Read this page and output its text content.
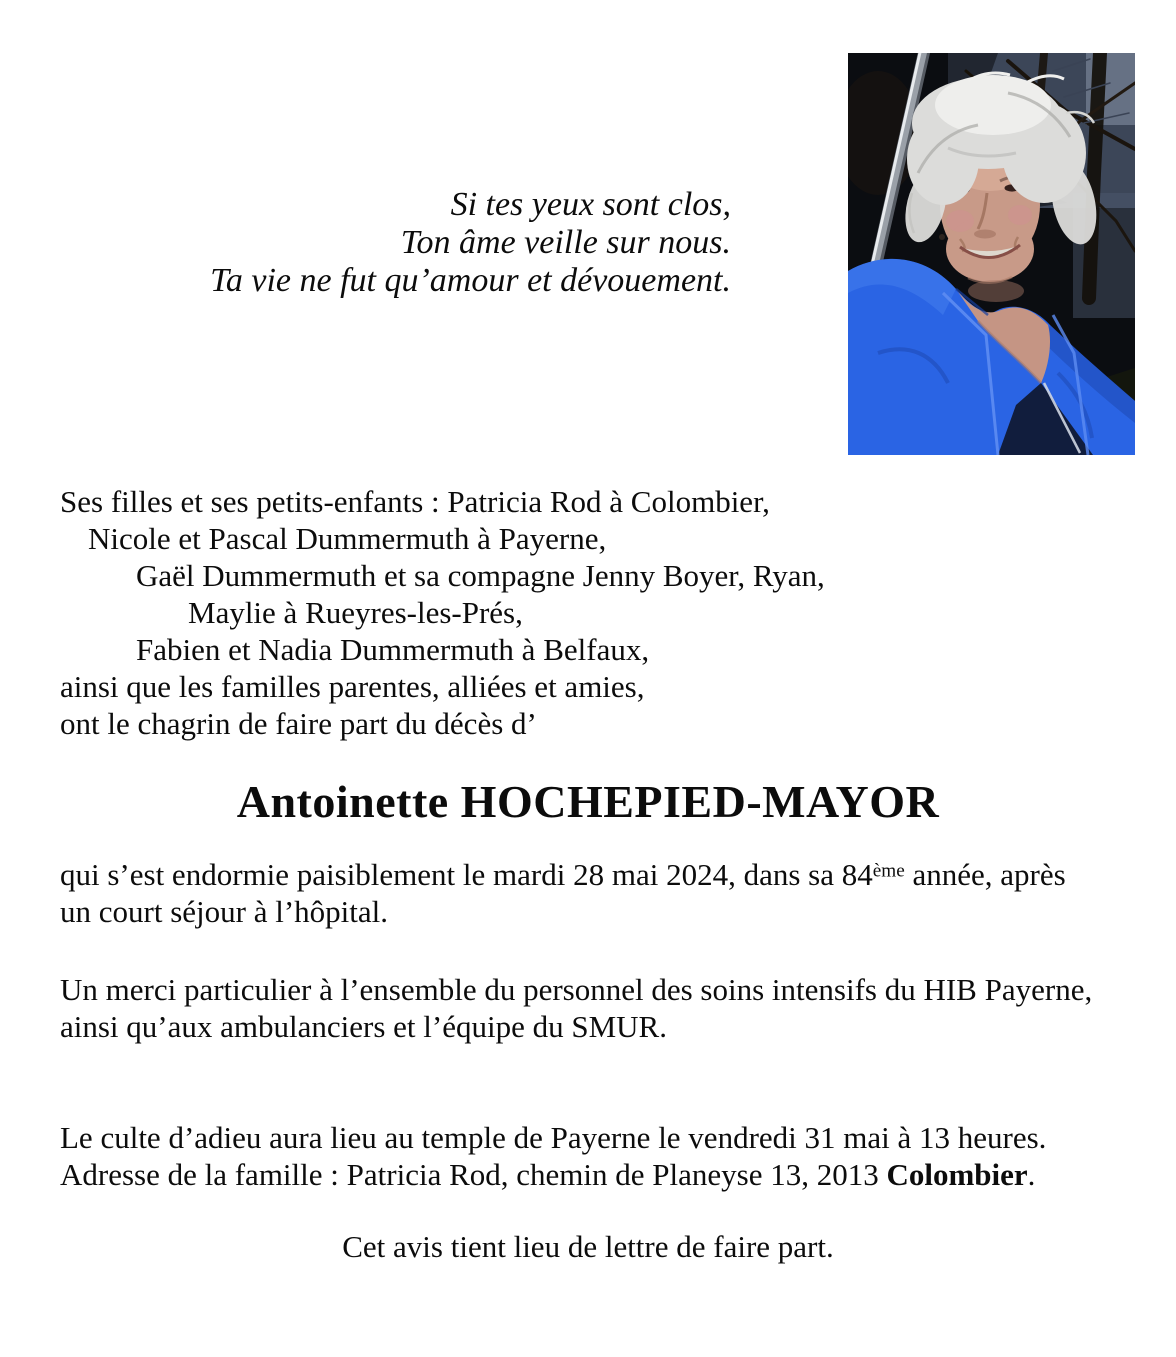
Si tes yeux sont clos,
Ton âme veille sur nous.
Ta vie ne fut qu’amour et dévouement.
Ses filles et ses petits-enfants : Patricia Rod à Colombier,
Nicole et Pascal Dummermuth à Payerne,
Gaël Dummermuth et sa compagne Jenny Boyer, Ryan,
Maylie à Rueyres-les-Prés,
Fabien et Nadia Dummermuth à Belfaux,
ainsi que les familles parentes, alliées et amies,
ont le chagrin de faire part du décès d’
Antoinette HOCHEPIED-MAYOR
qui s’est endormie paisiblement le mardi 28 mai 2024, dans sa 84ème année, après
un court séjour à l’hôpital.
Un merci particulier à l’ensemble du personnel des soins intensifs du HIB Payerne,
ainsi qu’aux ambulanciers et l’équipe du SMUR.
Le culte d’adieu aura lieu au temple de Payerne le vendredi 31 mai à 13 heures.
Adresse de la famille : Patricia Rod, chemin de Planeyse 13, 2013 Colombier.
Cet avis tient lieu de lettre de faire part.
